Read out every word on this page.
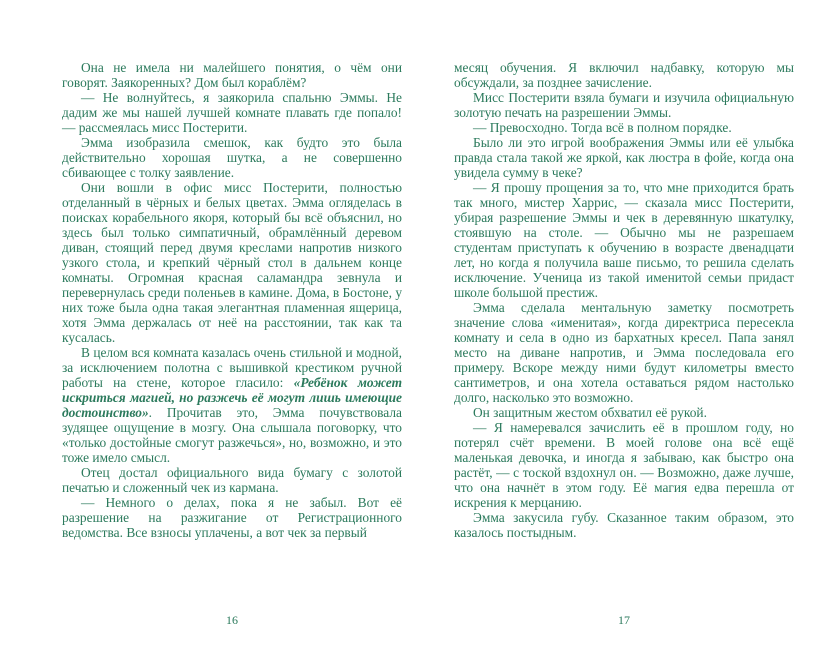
Она не имела ни малейшего понятия, о чём они говорят. Заякоренных? Дом был кораблём?

— Не волнуйтесь, я заякорила спальню Эммы. Не дадим же мы нашей лучшей комнате плавать где попало! — рассмеялась мисс Постерити.

Эмма изобразила смешок, как будто это была действительно хорошая шутка, а не совершенно сбивающее с толку заявление.

Они вошли в офис мисс Постерити, полностью отделанный в чёрных и белых цветах. Эмма огляделась в поисках корабельного якоря, который бы всё объяснил, но здесь был только симпатичный, обрамлённый деревом диван, стоящий перед двумя креслами напротив низкого узкого стола, и крепкий чёрный стол в дальнем конце комнаты. Огромная красная саламандра зевнула и перевернулась среди поленьев в камине. Дома, в Бостоне, у них тоже была одна такая элегантная пламенная ящерица, хотя Эмма держалась от неё на расстоянии, так как та кусалась.

В целом вся комната казалась очень стильной и модной, за исключением полотна с вышивкой крестиком ручной работы на стене, которое гласило: «Ребёнок может искриться магией, но разжечь её могут лишь имеющие достоинство». Прочитав это, Эмма почувствовала зудящее ощущение в мозгу. Она слышала поговорку, что «только достойные смогут разжечься», но, возможно, и это тоже имело смысл.

Отец достал официального вида бумагу с золотой печатью и сложенный чек из кармана.

— Немного о делах, пока я не забыл. Вот её разрешение на разжигание от Регистрационного ведомства. Все взносы уплачены, а вот чек за первый

16

месяц обучения. Я включил надбавку, которую мы обсуждали, за позднее зачисление.

Мисс Постерити взяла бумаги и изучила официальную золотую печать на разрешении Эммы.

— Превосходно. Тогда всё в полном порядке.

Было ли это игрой воображения Эммы или её улыбка правда стала такой же яркой, как люстра в фойе, когда она увидела сумму в чеке?

— Я прошу прощения за то, что мне приходится брать так много, мистер Харрис, — сказала мисс Постерити, убирая разрешение Эммы и чек в деревянную шкатулку, стоявшую на столе. — Обычно мы не разрешаем студентам приступать к обучению в возрасте двенадцати лет, но когда я получила ваше письмо, то решила сделать исключение. Ученица из такой именитой семьи придаст школе большой престиж.

Эмма сделала ментальную заметку посмотреть значение слова «именитая», когда директриса пересекла комнату и села в одно из бархатных кресел. Папа занял место на диване напротив, и Эмма последовала его примеру. Вскоре между ними будут километры вместо сантиметров, и она хотела оставаться рядом настолько долго, насколько это возможно.

Он защитным жестом обхватил её рукой.

— Я намеревался зачислить её в прошлом году, но потерял счёт времени. В моей голове она всё ещё маленькая девочка, и иногда я забываю, как быстро она растёт, — с тоской вздохнул он. — Возможно, даже лучше, что она начнёт в этом году. Её магия едва перешла от искрения к мерцанию.

Эмма закусила губу. Сказанное таким образом, это казалось постыдным.

17
